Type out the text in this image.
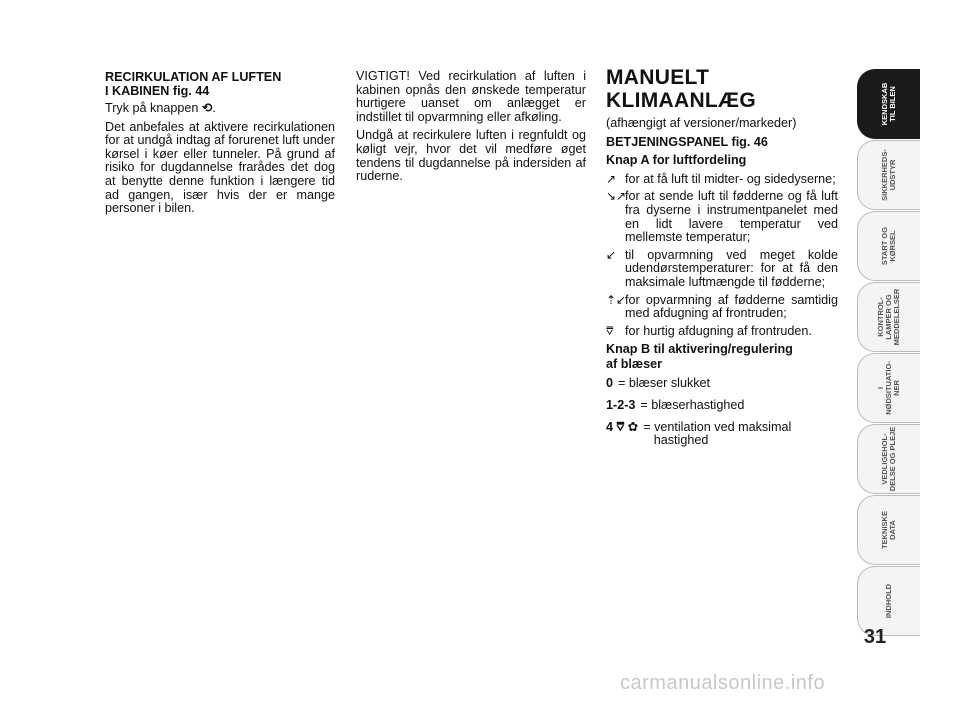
RECIRKULATION AF LUFTEN
I KABINEN fig. 44

Tryk på knappen ⟲.

Det anbefales at aktivere recirkulationen for at undgå indtag af forurenet luft under kørsel i køer eller tunneler. På grund af risiko for dugdannelse frarådes det dog at benytte denne funktion i længere tid ad gangen, især hvis der er mange personer i bilen.

VIGTIGT! Ved recirkulation af luften i kabinen opnås den ønskede temperatur hurtigere uanset om anlægget er indstillet til opvarmning eller afkøling.

Undgå at recirkulere luften i regnfuldt og køligt vejr, hvor det vil medføre øget tendens til dugdannelse på indersiden af ruderne.

MANUELT
KLIMAANLÆG

(afhængigt af versioner/markeder)

BETJENINGSPANEL fig. 46

Knap A for luftfordeling

↗ for at få luft til midter- og sidedyserne;
↘↗
for at sende luft til fødderne og få luft fra dyserne i instrumentpanelet med en lidt lavere temperatur ved mellemste temperatur;
↙ til opvarmning ved meget kolde udendørstemperaturer: for at få den maksimale luftmængde til fødderne;
⇡↙
for opvarmning af fødderne samtidig med afdugning af frontruden;
⩢ for hurtig afdugning af frontruden.

Knap B til aktivering/regulering
af blæser

0 = blæser slukket
1-2-3 = blæserhastighed
4 ⩢ ✿ = ventilation ved maksimal
hastighed
KENDSKAB
TIL BILEN
SIKKERHEDS-
UDSTYR
START OG
KØRSEL
KONTROL-
LAMPER OG
MEDDELELSER
I
NØDSITUATIO-
NER
VEDLIGEHOL-
DELSE OG PLEJE
TEKNISKE
DATA
INDHOLD
31
carmanualsonline.info
